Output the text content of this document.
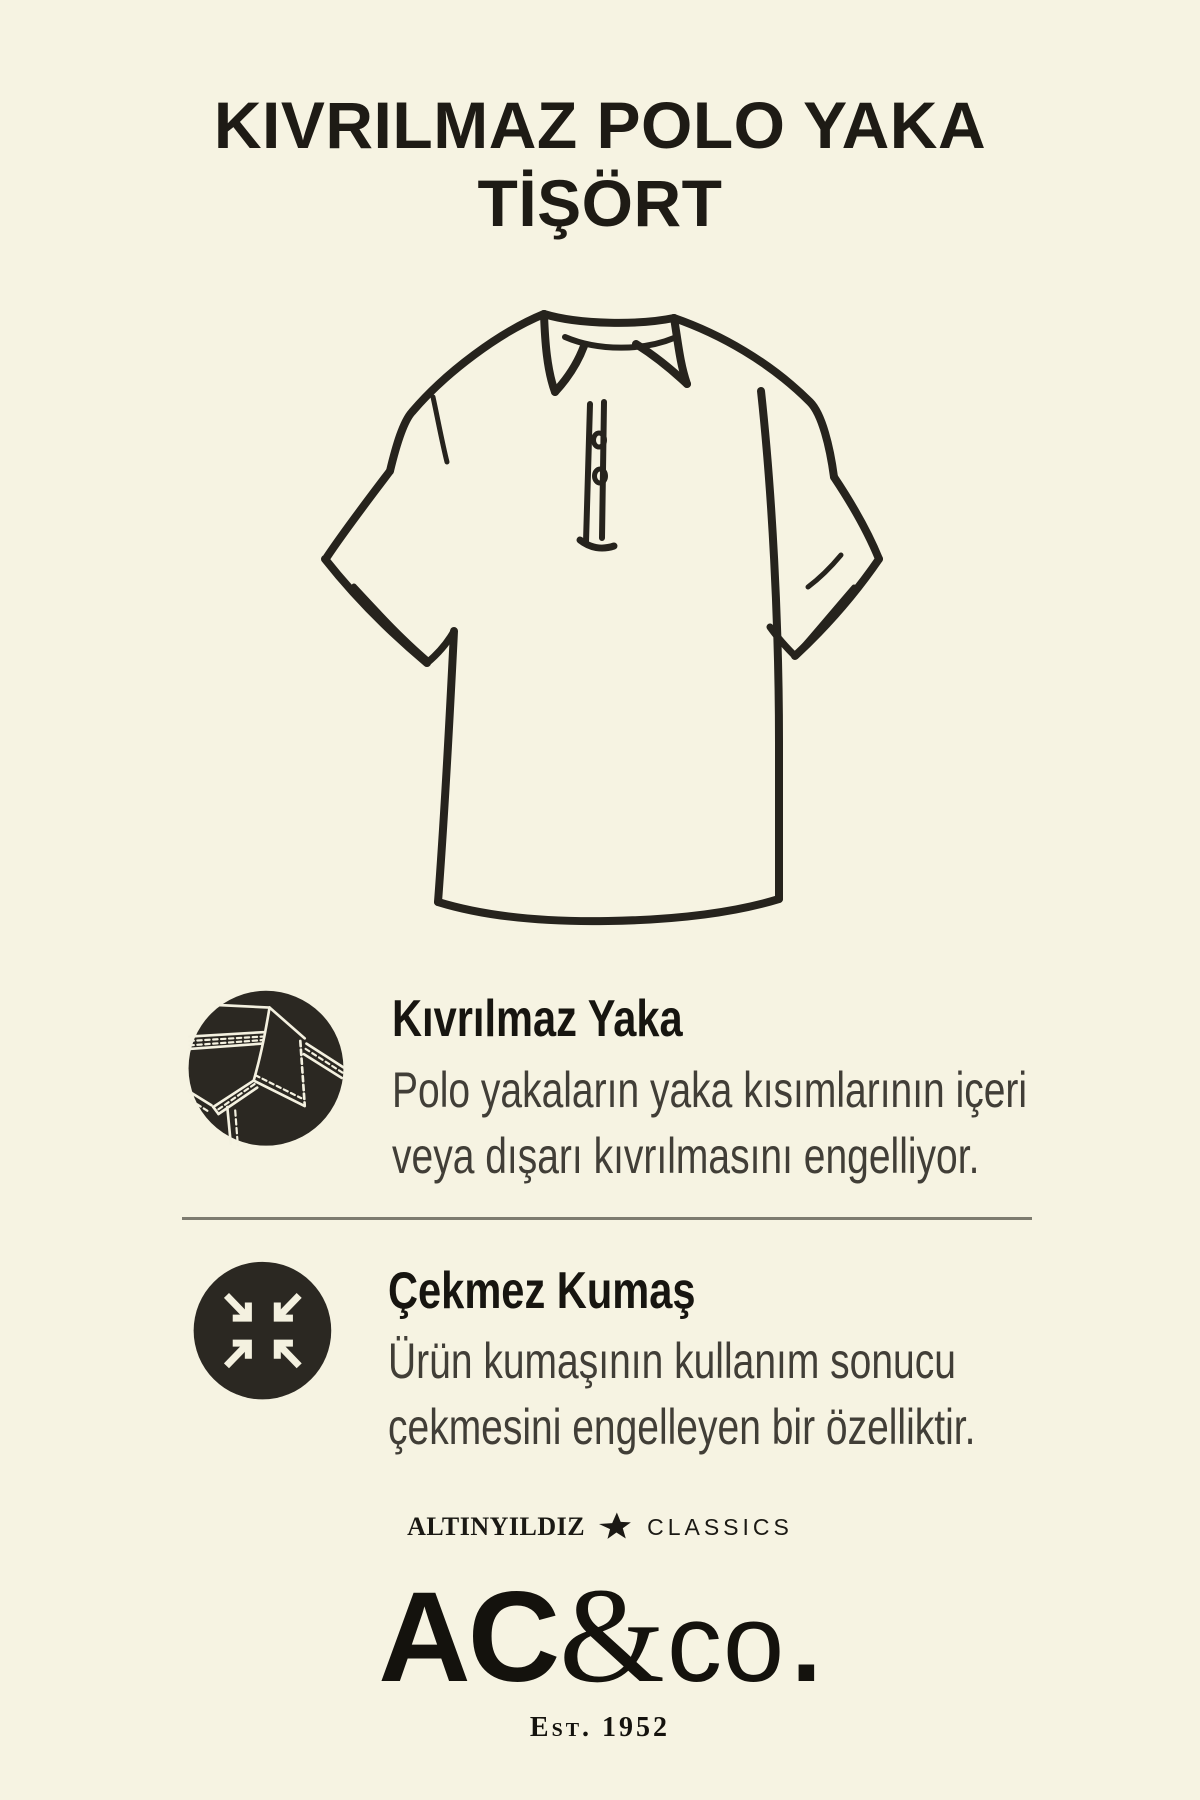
KIVRILMAZ POLO YAKA
TİŞÖRT
Kıvrılmaz Yaka

Polo yakaların yaka kısımlarının içeri

veya dışarı kıvrılmasını engelliyor.

Çekmez Kumaş

Ürün kumaşının kullanım sonucu

çekmesini engelleyen bir özelliktir.

ALTINYILDIZ	CLASSICS
AC & co .
Est. 1952
